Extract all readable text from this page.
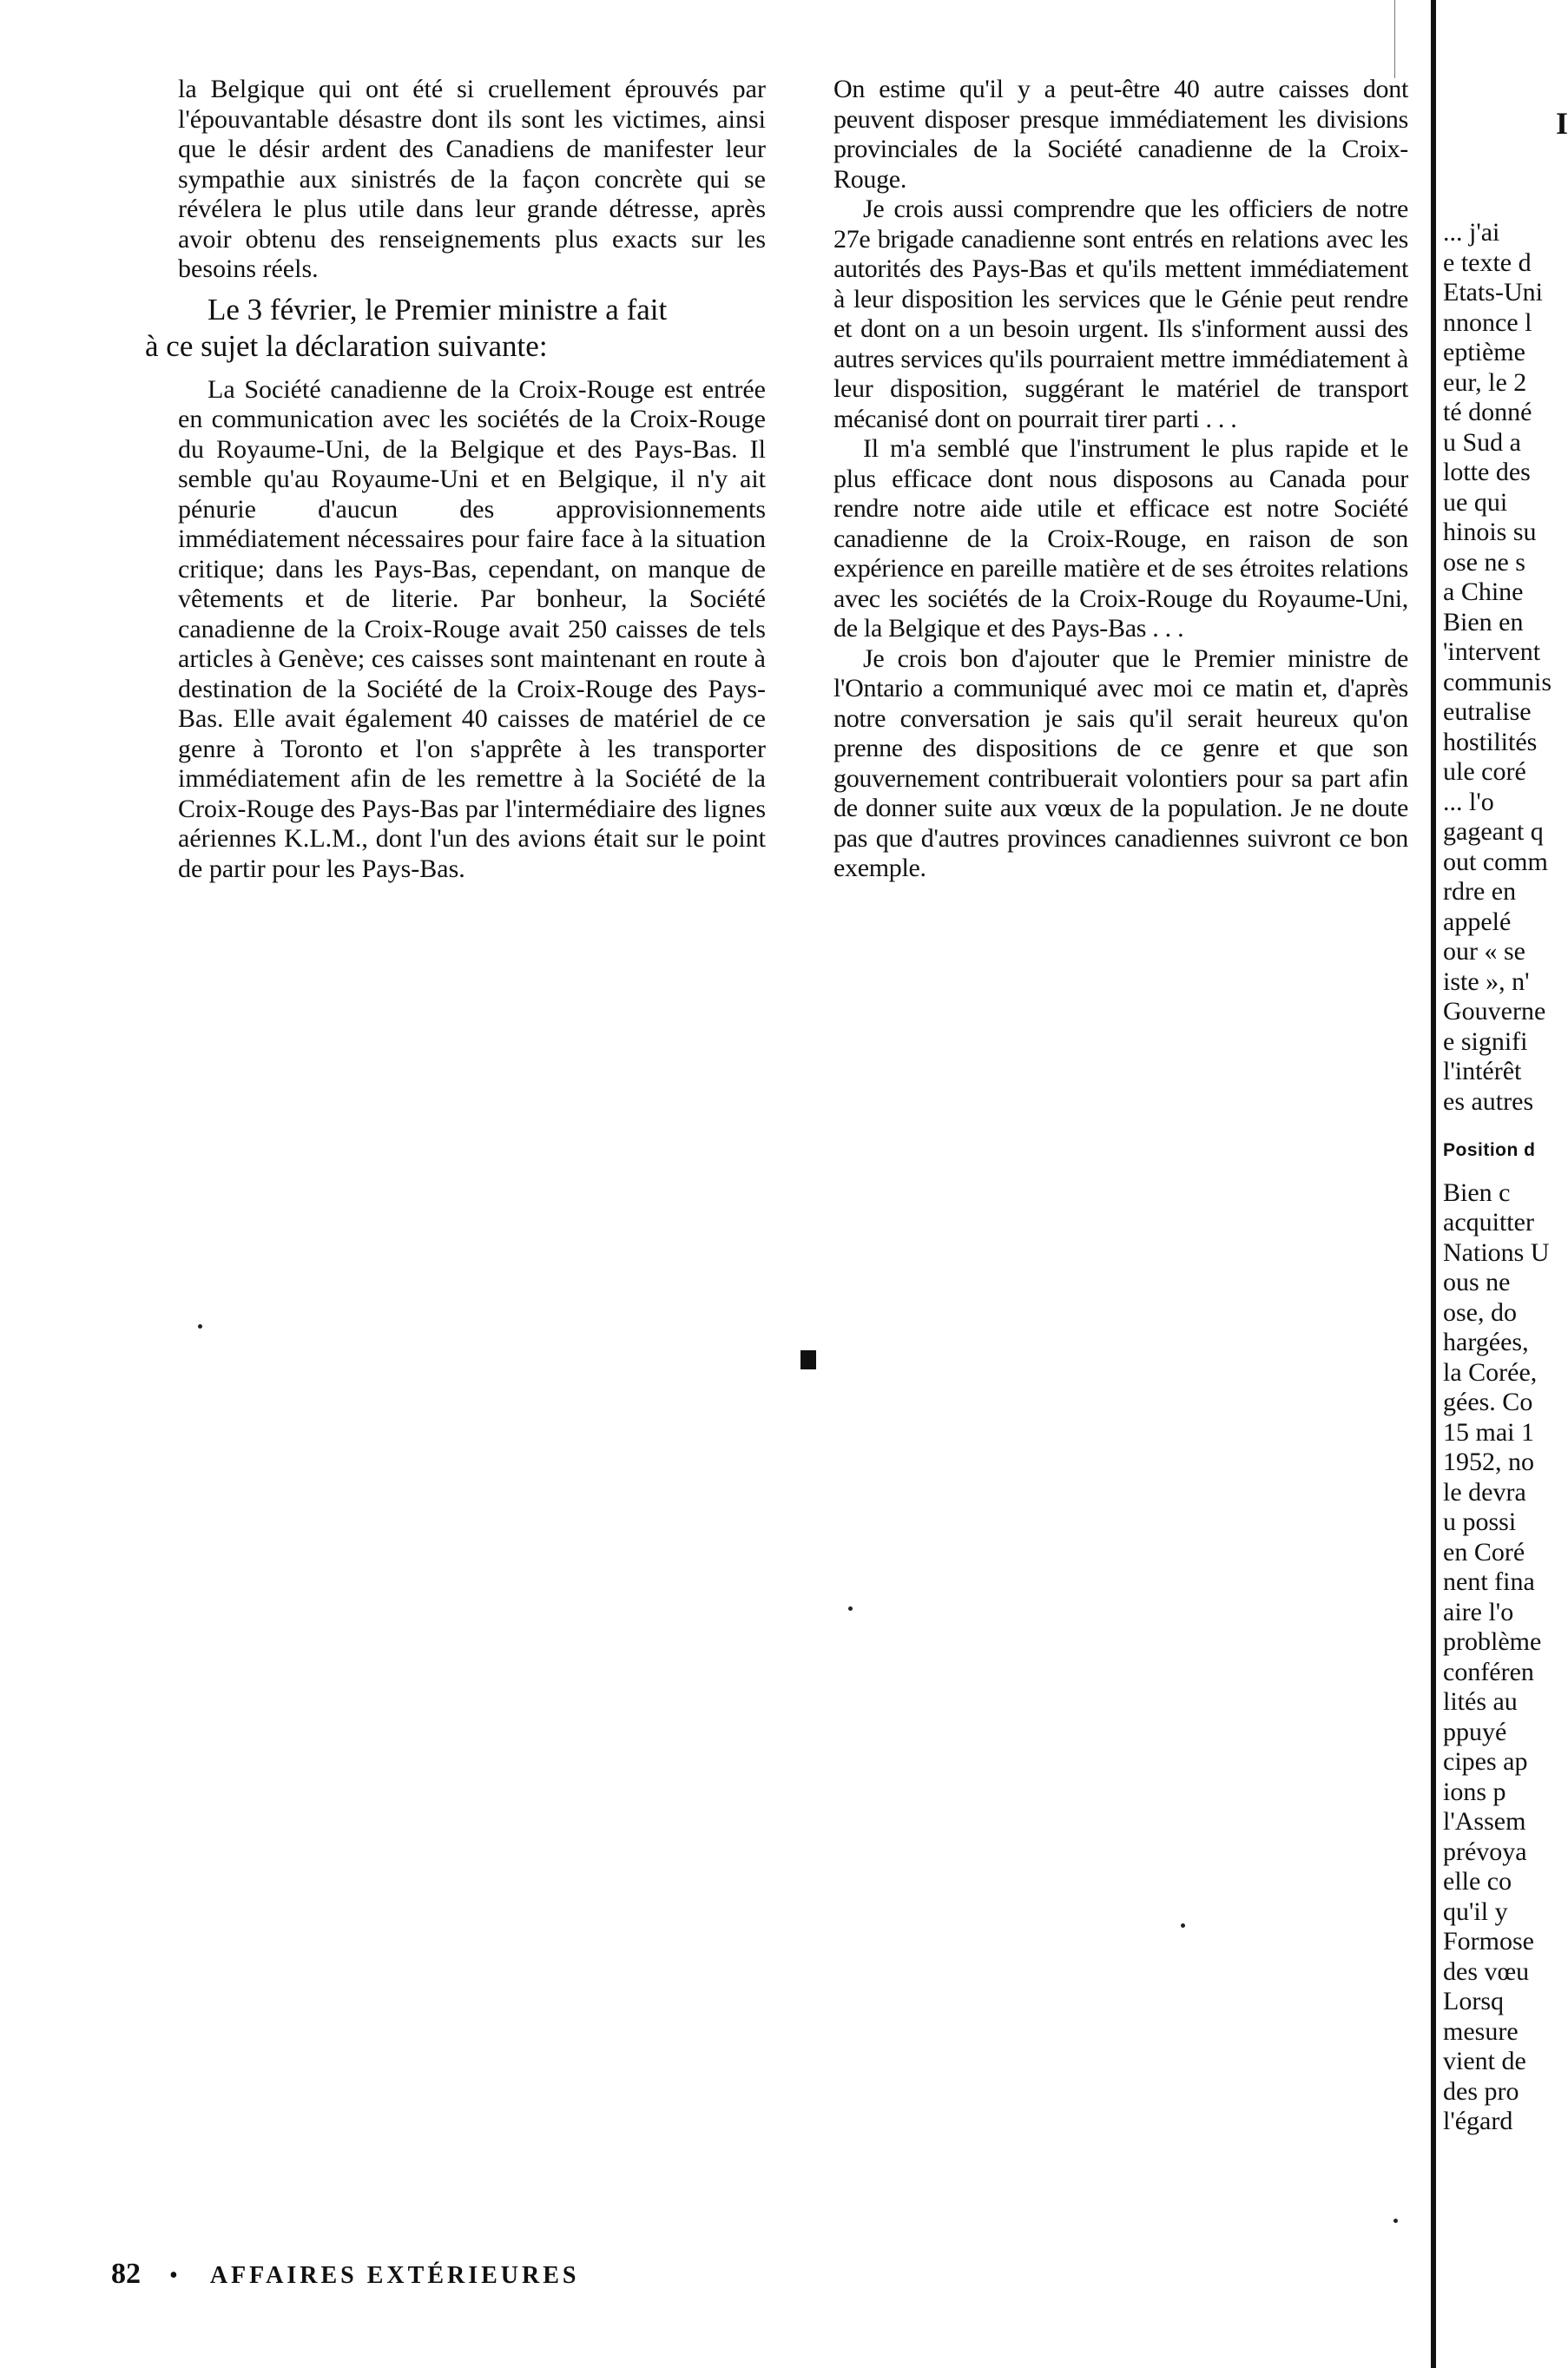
la Belgique qui ont été si cruellement éprouvés par l'épouvantable désastre dont ils sont les victimes, ainsi que le désir ardent des Canadiens de manifester leur sympathie aux sinistrés de la façon concrète qui se révélera le plus utile dans leur grande détresse, après avoir obtenu des renseignements plus exacts sur les besoins réels.

Le 3 février, le Premier ministre a fait
à ce sujet la déclaration suivante:

La Société canadienne de la Croix-Rouge est entrée en communication avec les sociétés de la Croix-Rouge du Royaume-Uni, de la Belgique et des Pays-Bas. Il semble qu'au Royaume-Uni et en Belgique, il n'y ait pénurie d'aucun des approvisionnements immédiatement nécessaires pour faire face à la situation critique; dans les Pays-Bas, cependant, on manque de vêtements et de literie. Par bonheur, la Société canadienne de la Croix-Rouge avait 250 caisses de tels articles à Genève; ces caisses sont maintenant en route à destination de la Société de la Croix-Rouge des Pays-Bas. Elle avait également 40 caisses de matériel de ce genre à Toronto et l'on s'apprête à les transporter immédiatement afin de les remettre à la Société de la Croix-Rouge des Pays-Bas par l'intermédiaire des lignes aériennes K.L.M., dont l'un des avions était sur le point de partir pour les Pays-Bas.

On estime qu'il y a peut-être 40 autre caisses dont peuvent disposer presque immédiatement les divisions provinciales de la Société canadienne de la Croix-Rouge.

Je crois aussi comprendre que les officiers de notre 27e brigade canadienne sont entrés en relations avec les autorités des Pays-Bas et qu'ils mettent immédiatement à leur disposition les services que le Génie peut rendre et dont on a un besoin urgent. Ils s'informent aussi des autres services qu'ils pourraient mettre immédiatement à leur disposition, suggérant le matériel de transport mécanisé dont on pourrait tirer parti . . .

Il m'a semblé que l'instrument le plus rapide et le plus efficace dont nous disposons au Canada pour rendre notre aide utile et efficace est notre Société canadienne de la Croix-Rouge, en raison de son expérience en pareille matière et de ses étroites relations avec les sociétés de la Croix-Rouge du Royaume-Uni, de la Belgique et des Pays-Bas . . .

Je crois bon d'ajouter que le Premier ministre de l'Ontario a communiqué avec moi ce matin et, d'après notre conversation je sais qu'il serait heureux qu'on prenne des dispositions de ce genre et que son gouvernement contribuerait volontiers pour sa part afin de donner suite aux vœux de la population. Je ne doute pas que d'autres provinces canadiennes suivront ce bon exemple.

I
... j'ai
e texte d
Etats-Uni
nnonce l
eptième
eur, le 2
té donné
u Sud a
lotte des
ue qui
hinois su
ose ne s
a Chine
Bien en
'intervent
communis
eutralise
hostilités
ule coré
... l'o
gageant q
out comm
rdre en
appelé
our « se
iste », n'
Gouverne
e signifi
l'intérêt
es autres
Position d
Bien c
acquitter
Nations U
ous ne
ose, do
hargées,
la Corée,
gées. Co
15 mai 1
1952, no
le devra
u possi
en Coré
nent fina
aire l'o
problème
conféren
lités au
ppuyé
cipes ap
ions p
l'Assem
prévoya
elle co
qu'il y
Formose
des vœu
Lorsq
mesure
vient de
des pro
l'égard
82 • AFFAIRES EXTÉRIEURES
